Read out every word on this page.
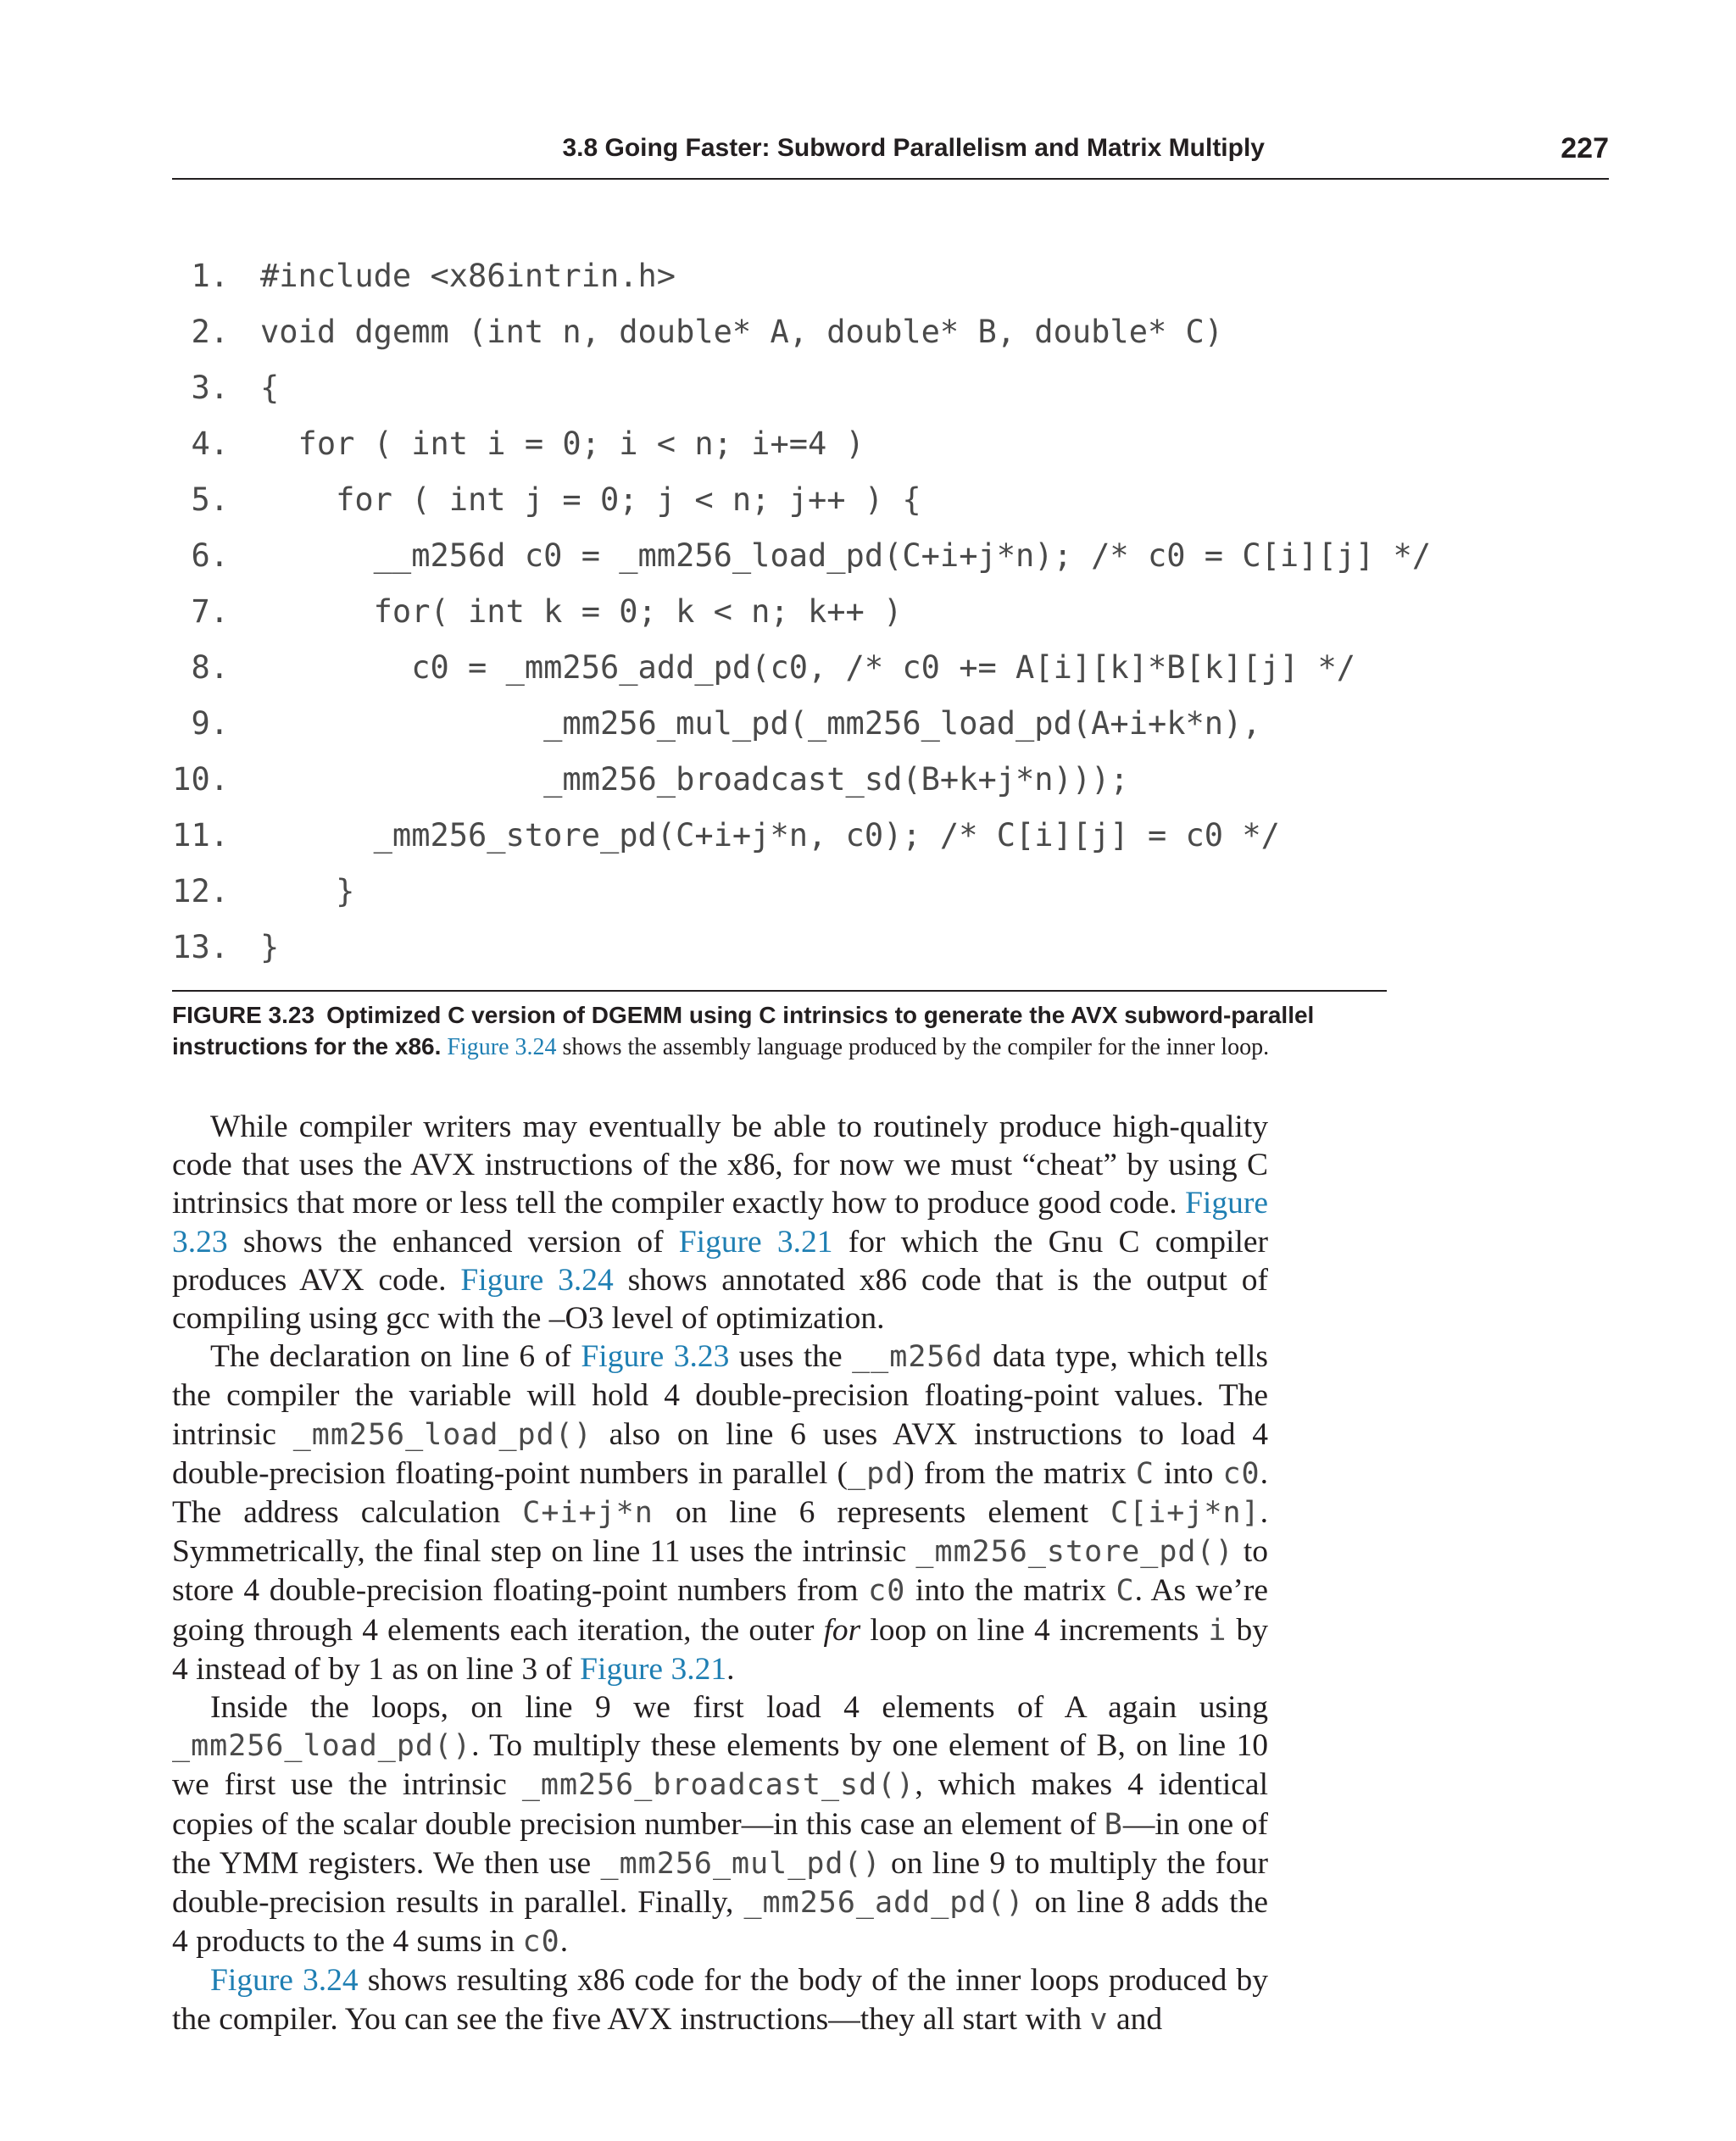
3.8 Going Faster: Subword Parallelism and Matrix Multiply	227
1. #include <x86intrin.h>
2. void dgemm (int n, double* A, double* B, double* C)
3. {
4. for ( int i = 0; i < n; i+=4 )
5. for ( int j = 0; j < n; j++ ) {
6. __m256d c0 = _mm256_load_pd(C+i+j*n); /* c0 = C[i][j] */
7. for( int k = 0; k < n; k++ )
8. c0 = _mm256_add_pd(c0, /* c0 += A[i][k]*B[k][j] */
9. _mm256_mul_pd(_mm256_load_pd(A+i+k*n),
10. _mm256_broadcast_sd(B+k+j*n)));
11. _mm256_store_pd(C+i+j*n, c0); /* C[i][j] = c0 */
12. }
13. }
FIGURE 3.23 Optimized C version of DGEMM using C intrinsics to generate the AVX subword-parallel instructions for the x86. Figure 3.24 shows the assembly language produced by the compiler for the inner loop.

While compiler writers may eventually be able to routinely produce high-quality code that uses the AVX instructions of the x86, for now we must “cheat” by using C intrinsics that more or less tell the compiler exactly how to produce good code. Figure 3.23 shows the enhanced version of Figure 3.21 for which the Gnu C compiler produces AVX code. Figure 3.24 shows annotated x86 code that is the output of compiling using gcc with the –O3 level of optimization.

The declaration on line 6 of Figure 3.23 uses the __m256d data type, which tells the compiler the variable will hold 4 double-precision floating-point values. The intrinsic _mm256_load_pd() also on line 6 uses AVX instructions to load 4 double-precision floating-point numbers in parallel (_pd) from the matrix C into c0. The address calculation C+i+j*n on line 6 represents element C[i+j*n]. Symmetrically, the final step on line 11 uses the intrinsic _mm256_store_pd() to store 4 double-precision floating-point numbers from c0 into the matrix C. As we’re going through 4 elements each iteration, the outer for loop on line 4 increments i by 4 instead of by 1 as on line 3 of Figure 3.21.

Inside the loops, on line 9 we first load 4 elements of A again using _mm256_load_pd(). To multiply these elements by one element of B, on line 10 we first use the intrinsic _mm256_broadcast_sd(), which makes 4 identical copies of the scalar double precision number—in this case an element of B—in one of the YMM registers. We then use _mm256_mul_pd() on line 9 to multiply the four double-precision results in parallel. Finally, _mm256_add_pd() on line 8 adds the 4 products to the 4 sums in c0.

Figure 3.24 shows resulting x86 code for the body of the inner loops produced by the compiler. You can see the five AVX instructions—they all start with v and
